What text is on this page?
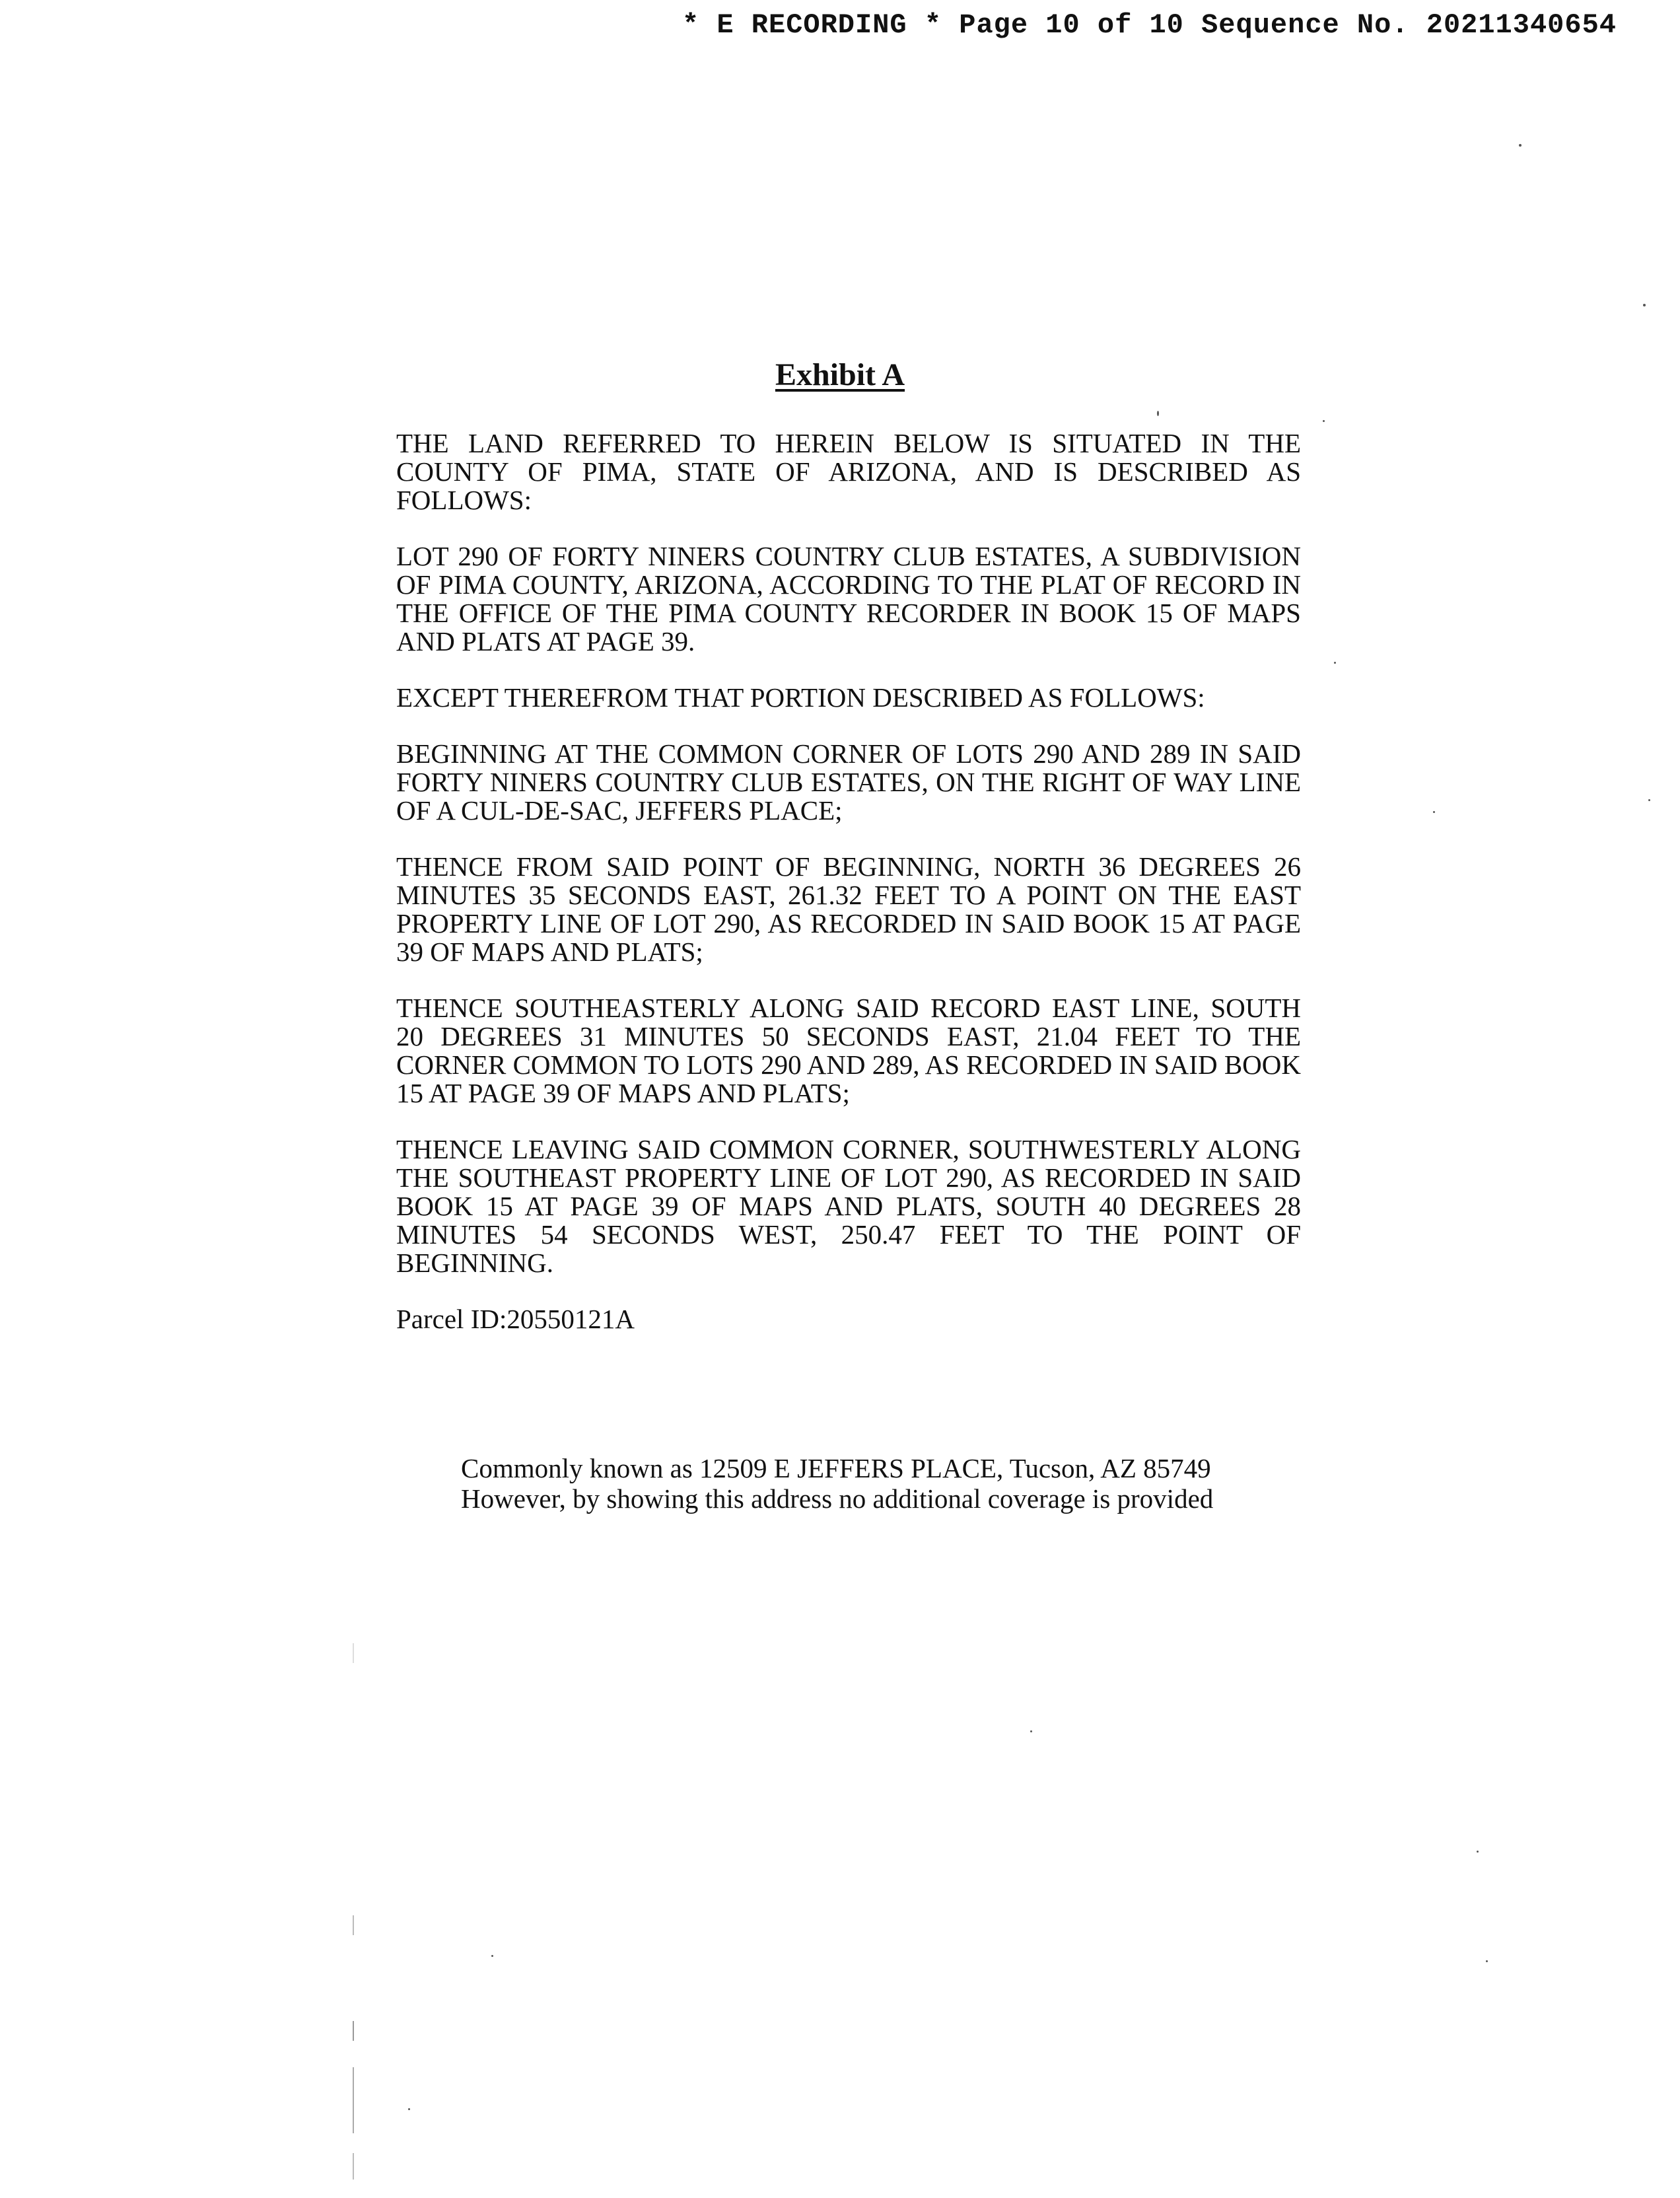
* E RECORDING * Page 10 of 10 Sequence No. 20211340654
Exhibit A

THE LAND REFERRED TO HEREIN BELOW IS SITUATED IN THE COUNTY OF PIMA, STATE OF ARIZONA, AND IS DESCRIBED AS FOLLOWS:

LOT 290 OF FORTY NINERS COUNTRY CLUB ESTATES, A SUBDIVISION OF PIMA COUNTY, ARIZONA, ACCORDING TO THE PLAT OF RECORD IN THE OFFICE OF THE PIMA COUNTY RECORDER IN BOOK 15 OF MAPS AND PLATS AT PAGE 39.

EXCEPT THEREFROM THAT PORTION DESCRIBED AS FOLLOWS:

BEGINNING AT THE COMMON CORNER OF LOTS 290 AND 289 IN SAID FORTY NINERS COUNTRY CLUB ESTATES, ON THE RIGHT OF WAY LINE OF A CUL-DE-SAC, JEFFERS PLACE;

THENCE FROM SAID POINT OF BEGINNING, NORTH 36 DEGREES 26 MINUTES 35 SECONDS EAST, 261.32 FEET TO A POINT ON THE EAST PROPERTY LINE OF LOT 290, AS RECORDED IN SAID BOOK 15 AT PAGE 39 OF MAPS AND PLATS;

THENCE SOUTHEASTERLY ALONG SAID RECORD EAST LINE, SOUTH 20 DEGREES 31 MINUTES 50 SECONDS EAST, 21.04 FEET TO THE CORNER COMMON TO LOTS 290 AND 289, AS RECORDED IN SAID BOOK 15 AT PAGE 39 OF MAPS AND PLATS;

THENCE LEAVING SAID COMMON CORNER, SOUTHWESTERLY ALONG THE SOUTHEAST PROPERTY LINE OF LOT 290, AS RECORDED IN SAID BOOK 15 AT PAGE 39 OF MAPS AND PLATS, SOUTH 40 DEGREES 28 MINUTES 54 SECONDS WEST, 250.47 FEET TO THE POINT OF BEGINNING.

Parcel ID:20550121A
Commonly known as 12509 E JEFFERS PLACE, Tucson, AZ 85749
However, by showing this address no additional coverage is provided
